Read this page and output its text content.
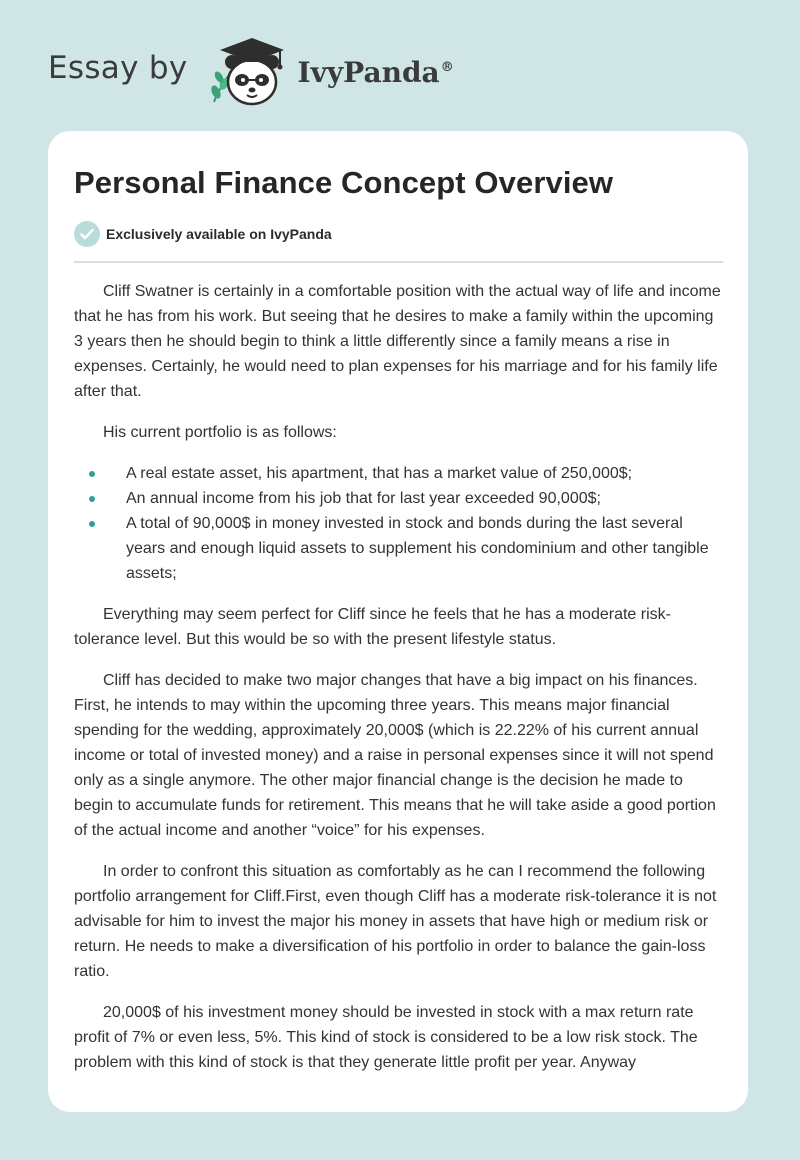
Essay by	IvyPanda®
Personal Finance Concept Overview
Exclusively available on IvyPanda

Cliff Swatner is certainly in a comfortable position with the actual way of life and income that he has from his work. But seeing that he desires to make a family within the upcoming 3 years then he should begin to think a little differently since a family means a rise in expenses. Certainly, he would need to plan expenses for his marriage and for his family life after that.

His current portfolio is as follows:

A real estate asset, his apartment, that has a market value of 250,000$;
An annual income from his job that for last year exceeded 90,000$;
A total of 90,000$ in money invested in stock and bonds during the last several years and enough liquid assets to supplement his condominium and other tangible assets;

Everything may seem perfect for Cliff since he feels that he has a moderate risk-tolerance level. But this would be so with the present lifestyle status.

Cliff has decided to make two major changes that have a big impact on his finances. First, he intends to may within the upcoming three years. This means major financial spending for the wedding, approximately 20,000$ (which is 22.22% of his current annual income or total of invested money) and a raise in personal expenses since it will not spend only as a single anymore. The other major financial change is the decision he made to begin to accumulate funds for retirement. This means that he will take aside a good portion of the actual income and another “voice” for his expenses.

In order to confront this situation as comfortably as he can I recommend the following portfolio arrangement for Cliff.First, even though Cliff has a moderate risk-tolerance it is not advisable for him to invest the major his money in assets that have high or medium risk or return. He needs to make a diversification of his portfolio in order to balance the gain-loss ratio.

20,000$ of his investment money should be invested in stock with a max return rate profit of 7% or even less, 5%. This kind of stock is considered to be a low risk stock. The problem with this kind of stock is that they generate little profit per year. Anyway
